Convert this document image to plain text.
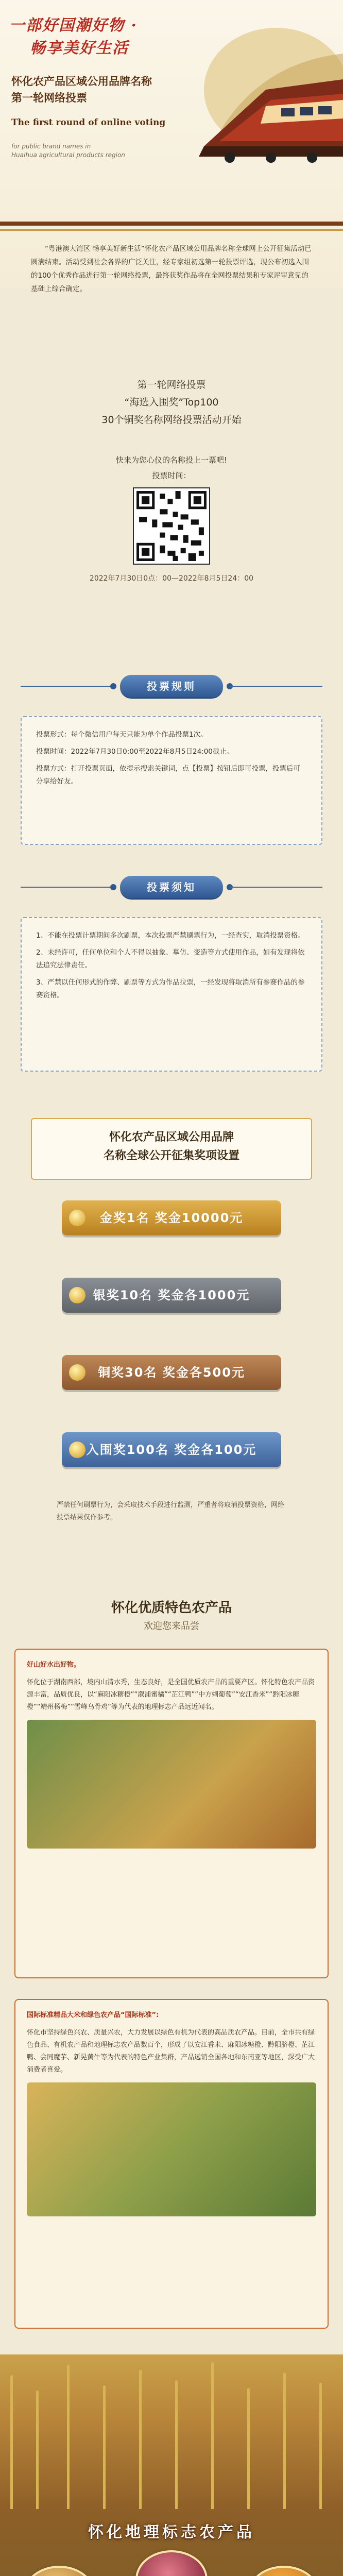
一部好国潮好物 ·
畅享美好生活
怀化农产品区域公用品牌名称
第一轮网络投票
The first round of online voting
for public brand names in
Huaihua agricultural products region

“粤港澳大湾区 畅享美好新生活”怀化农产品区域公用品牌名称全球网上公开征集活动已圆满结束。活动受到社会各界的广泛关注，经专家组初选第一轮投票评选，现公布初选入围的100个优秀作品进行第一轮网络投票，最终获奖作品将在全网投票结果和专家评审意见的基础上综合确定。

第一轮网络投票
“海选入围奖”Top100
30个铜奖名称网络投票活动开始
快来为您心仪的名称投上一票吧!
投票时间：
2022年7月30日0点：00—2022年8月5日24：00
投票规则

投票形式：每个微信用户每天只能为单个作品投票1次。

投票时间：2022年7月30日0:00至2022年8月5日24:00截止。

投票方式：打开投票页面，依提示搜索关键词，点【投票】按钮后即可投票，投票后可分享给好友。

投票须知

1、不能在投票计票期间多次刷票，本次投票严禁刷票行为，一经查实，取消投票资格。

2、未经许可，任何单位和个人不得以抽象、摹仿、变造等方式使用作品，如有发现将依法追究法律责任。

3、严禁以任何形式的作弊、刷票等方式为作品拉票，一经发现将取消所有参赛作品的参赛资格。

怀化农产品区域公用品牌
名称全球公开征集奖项设置
金奖1名 奖金10000元
银奖10名 奖金各1000元
铜奖30名 奖金各500元
入围奖100名 奖金各100元

严禁任何刷票行为，会采取技术手段进行监测，严重者将取消投票资格，网络投票结果仅作参考。

怀化优质特色农产品
欢迎您来品尝

好山好水出好物。

怀化位于湖南西部，境内山清水秀，生态良好，是全国优质农产品的重要产区。怀化特色农产品资源丰富，品质优良，以“麻阳冰糖橙”“溆浦蜜橘”“芷江鸭”“中方刺葡萄”“安江香米”“黔阳冰糖橙”“靖州杨梅”“雪峰乌骨鸡”等为代表的地理标志产品远近闻名。

国际标准精品大米和绿色农产品“国际标准”:

怀化市坚持绿色兴农、质量兴农，大力发展以绿色有机为代表的高品质农产品。目前，全市共有绿色食品、有机农产品和地理标志农产品数百个，形成了以安江香米、麻阳冰糖橙、黔阳脐橙、芷江鸭、会同魔芋、新晃黄牛等为代表的特色产业集群，产品远销全国各地和东南亚等地区，深受广大消费者喜爱。

怀化地理标志农产品
